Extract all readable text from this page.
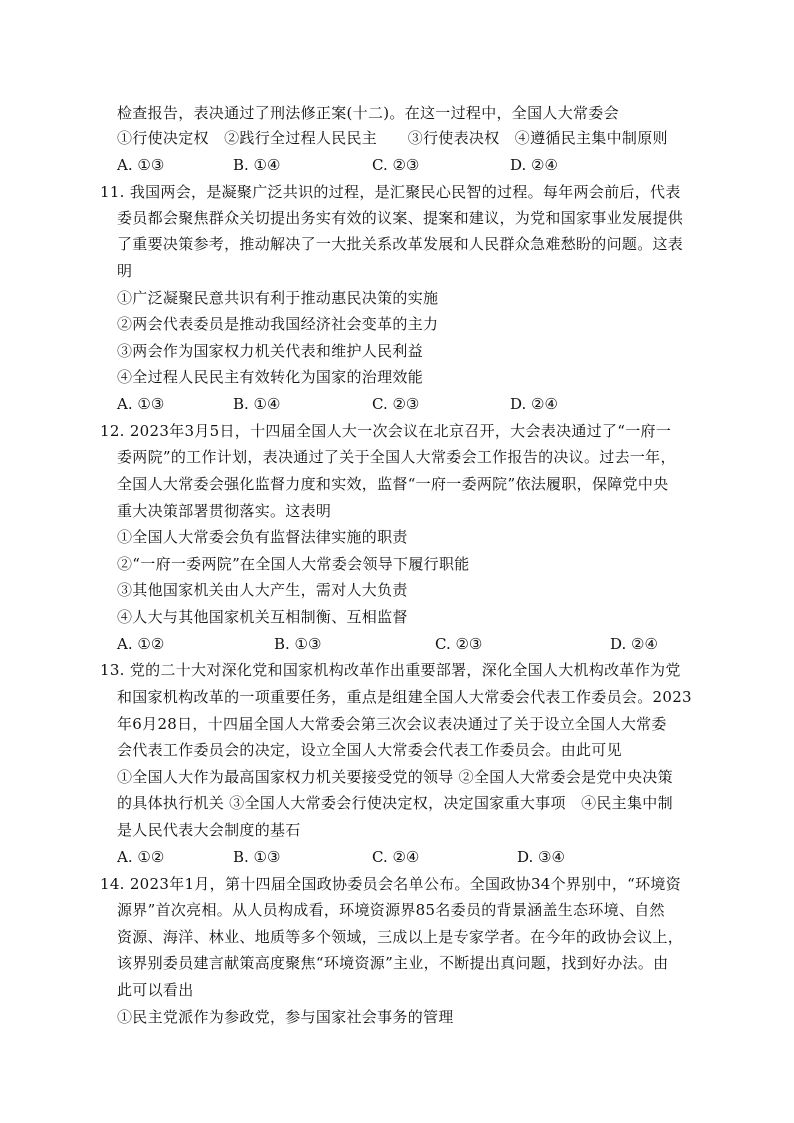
检查报告，表决通过了刑法修正案(十二)。在这一过程中，全国人大常委会
①行使决定权　②践行全过程人民民主　　③行使表决权　④遵循民主集中制原则
A. ①③	B. ①④	C. ②③	D. ②④
11. 我国两会，是凝聚广泛共识的过程，是汇聚民心民智的过程。每年两会前后，代表
委员都会聚焦群众关切提出务实有效的议案、提案和建议，为党和国家事业发展提供
了重要决策参考，推动解决了一大批关系改革发展和人民群众急难愁盼的问题。这表
明
①广泛凝聚民意共识有利于推动惠民决策的实施
②两会代表委员是推动我国经济社会变革的主力
③两会作为国家权力机关代表和维护人民利益
④全过程人民民主有效转化为国家的治理效能
A. ①③	B. ①④	C. ②③	D. ②④
12. 2023年3月5日，十四届全国人大一次会议在北京召开，大会表决通过了“一府一
委两院”的工作计划，表决通过了关于全国人大常委会工作报告的决议。过去一年，
全国人大常委会强化监督力度和实效，监督“一府一委两院”依法履职，保障党中央
重大决策部署贯彻落实。这表明
①全国人大常委会负有监督法律实施的职责
②“一府一委两院”在全国人大常委会领导下履行职能
③其他国家机关由人大产生，需对人大负责
④人大与其他国家机关互相制衡、互相监督
A. ①②	B. ①③	C. ②③	D. ②④
13. 党的二十大对深化党和国家机构改革作出重要部署，深化全国人大机构改革作为党
和国家机构改革的一项重要任务，重点是组建全国人大常委会代表工作委员会。2023
年6月28日，十四届全国人大常委会第三次会议表决通过了关于设立全国人大常委
会代表工作委员会的决定，设立全国人大常委会代表工作委员会。由此可见
①全国人大作为最高国家权力机关要接受党的领导 ②全国人大常委会是党中央决策
的具体执行机关 ③全国人大常委会行使决定权，决定国家重大事项　④民主集中制
是人民代表大会制度的基石
A. ①②	B. ①③	C. ②④	D. ③④
14. 2023年1月，第十四届全国政协委员会名单公布。全国政协34个界别中，“环境资
源界”首次亮相。从人员构成看，环境资源界85名委员的背景涵盖生态环境、自然
资源、海洋、林业、地质等多个领域，三成以上是专家学者。在今年的政协会议上，
该界别委员建言献策高度聚焦“环境资源”主业，不断提出真问题，找到好办法。由
此可以看出
①民主党派作为参政党，参与国家社会事务的管理
